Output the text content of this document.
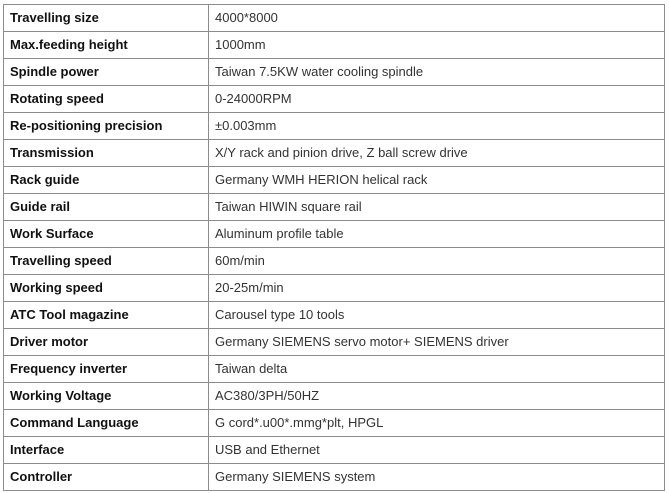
Travelling size	4000*8000
Max.feeding height	1000mm
Spindle power	Taiwan 7.5KW water cooling spindle
Rotating speed	0-24000RPM
Re-positioning precision	±0.003mm
Transmission	X/Y rack and pinion drive, Z ball screw drive
Rack guide	Germany WMH HERION helical rack
Guide rail	Taiwan HIWIN square rail
Work Surface	Aluminum profile table
Travelling speed	60m/min
Working speed	20-25m/min
ATC Tool magazine	Carousel type 10 tools
Driver motor	Germany SIEMENS servo motor+ SIEMENS driver
Frequency inverter	Taiwan delta
Working Voltage	AC380/3PH/50HZ
Command Language	G cord*.u00*.mmg*plt, HPGL
Interface	USB and Ethernet
Controller	Germany SIEMENS system
